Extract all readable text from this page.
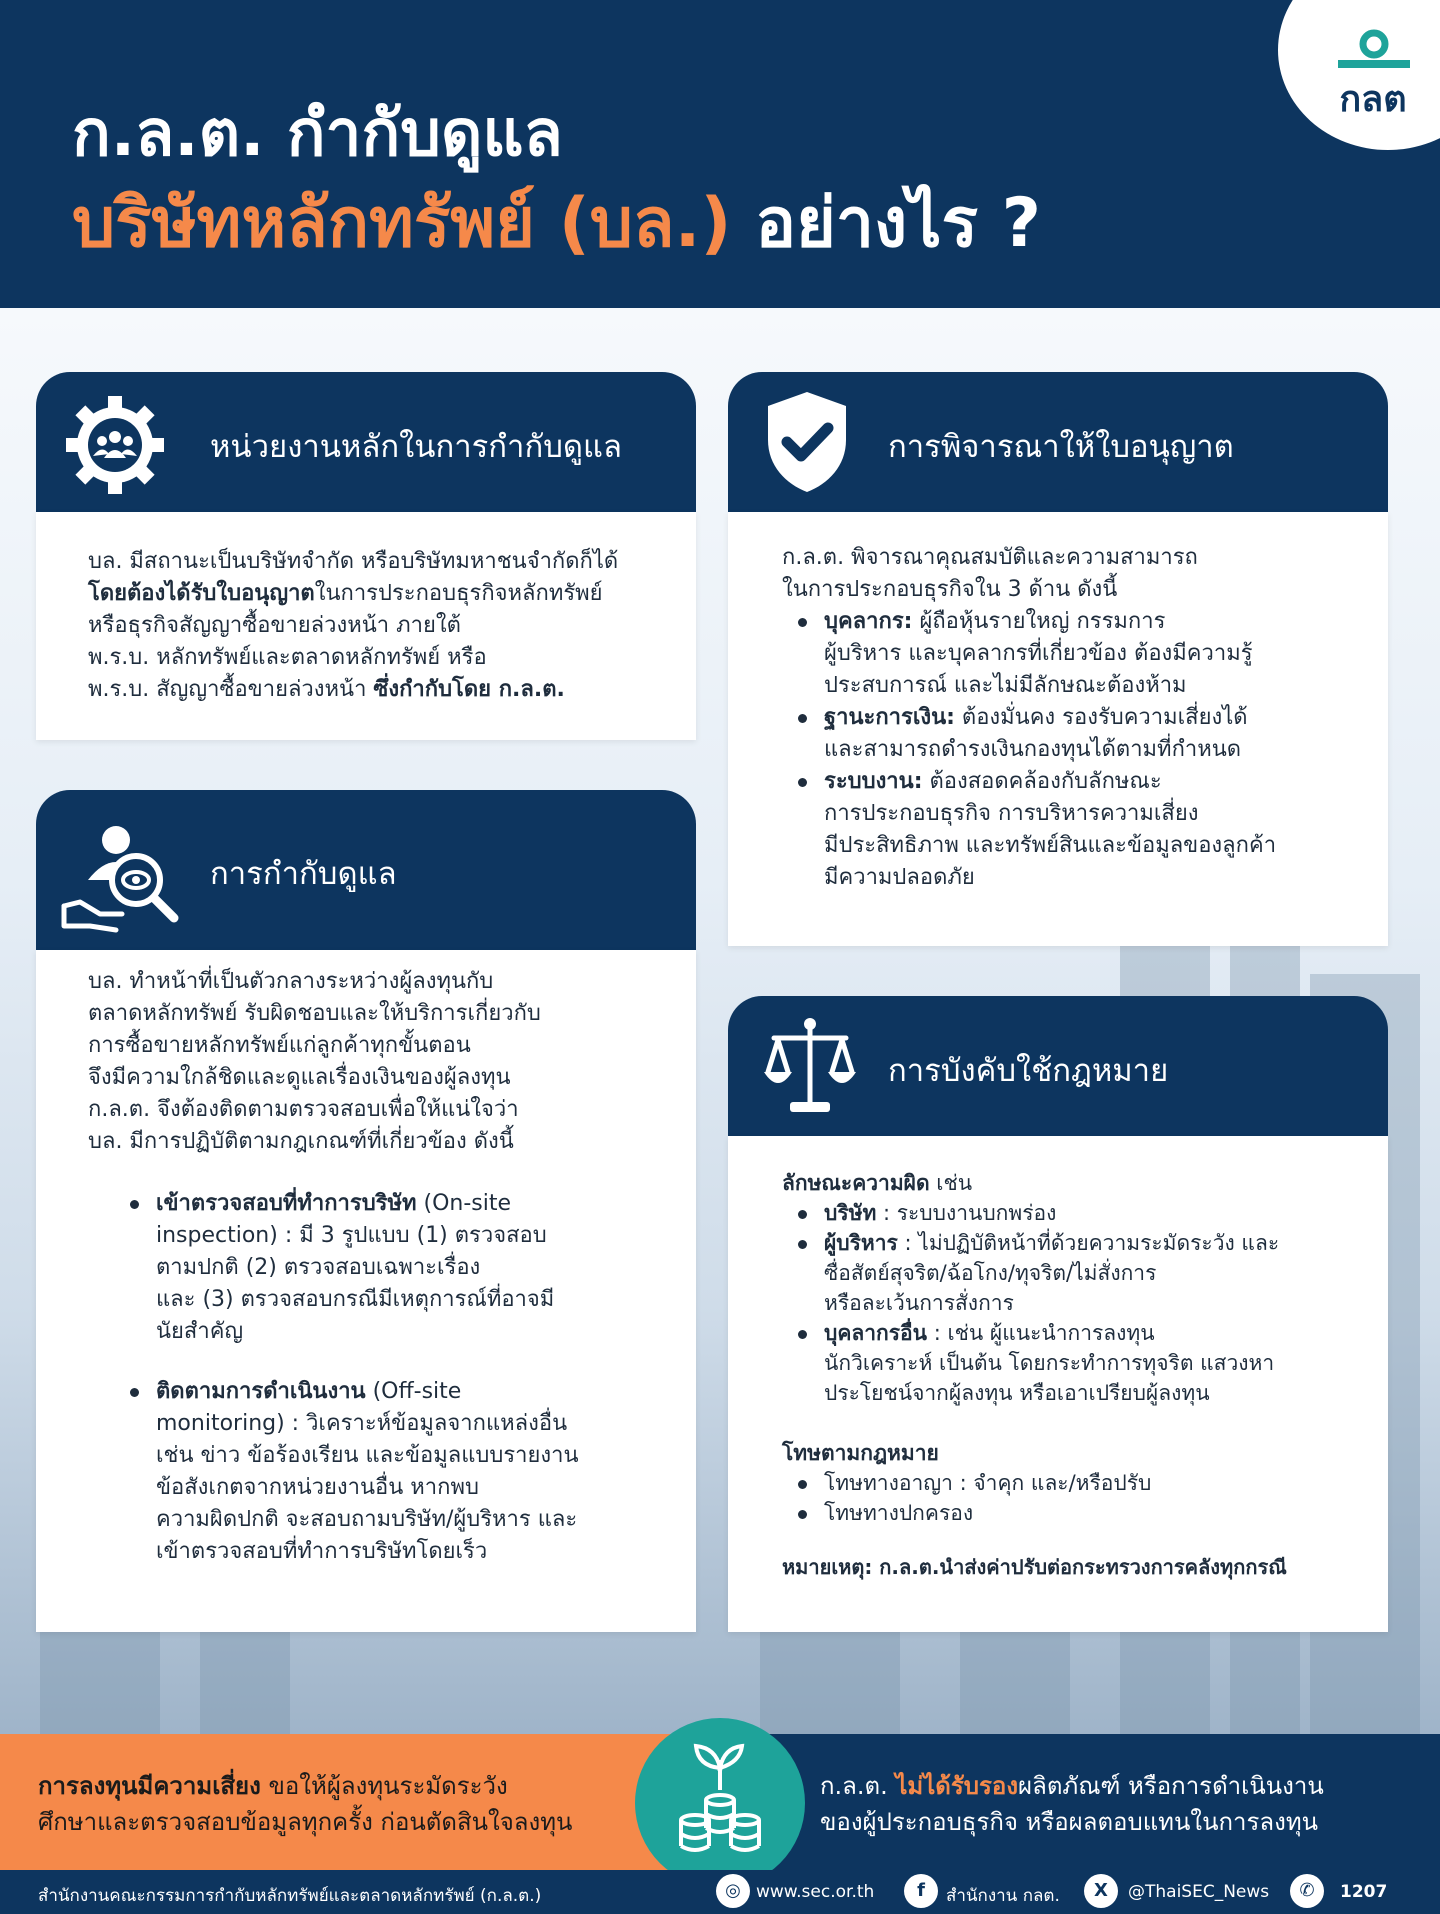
ก.ล.ต. กำกับดูแล
บริษัทหลักทรัพย์ (บล.) อย่างไร ?
กลต
หน่วยงานหลักในการกำกับดูแล

บล. มีสถานะเป็นบริษัทจำกัด หรือบริษัทมหาชนจำกัดก็ได้

โดยต้องได้รับใบอนุญาตในการประกอบธุรกิจหลักทรัพย์

หรือธุรกิจสัญญาซื้อขายล่วงหน้า ภายใต้

พ.ร.บ. หลักทรัพย์และตลาดหลักทรัพย์ หรือ

พ.ร.บ. สัญญาซื้อขายล่วงหน้า ซึ่งกำกับโดย ก.ล.ต.

การพิจารณาให้ใบอนุญาต

ก.ล.ต. พิจารณาคุณสมบัติและความสามารถ

ในการประกอบธุรกิจใน 3 ด้าน ดังนี้

บุคลากร: ผู้ถือหุ้นรายใหญ่ กรรมการ
ผู้บริหาร และบุคลากรที่เกี่ยวข้อง ต้องมีความรู้
ประสบการณ์ และไม่มีลักษณะต้องห้าม
ฐานะการเงิน: ต้องมั่นคง รองรับความเสี่ยงได้
และสามารถดำรงเงินกองทุนได้ตามที่กำหนด
ระบบงาน: ต้องสอดคล้องกับลักษณะ
การประกอบธุรกิจ การบริหารความเสี่ยง
มีประสิทธิภาพ และทรัพย์สินและข้อมูลของลูกค้า
มีความปลอดภัย
การกำกับดูแล

บล. ทำหน้าที่เป็นตัวกลางระหว่างผู้ลงทุนกับ

ตลาดหลักทรัพย์ รับผิดชอบและให้บริการเกี่ยวกับ

การซื้อขายหลักทรัพย์แก่ลูกค้าทุกขั้นตอน

จึงมีความใกล้ชิดและดูแลเรื่องเงินของผู้ลงทุน

ก.ล.ต. จึงต้องติดตามตรวจสอบเพื่อให้แน่ใจว่า

บล. มีการปฏิบัติตามกฎเกณฑ์ที่เกี่ยวข้อง ดังนี้

เข้าตรวจสอบที่ทำการบริษัท (On-site
inspection) : มี 3 รูปแบบ (1) ตรวจสอบ
ตามปกติ (2) ตรวจสอบเฉพาะเรื่อง
และ (3) ตรวจสอบกรณีมีเหตุการณ์ที่อาจมี
นัยสำคัญ
ติดตามการดำเนินงาน (Off-site
monitoring) : วิเคราะห์ข้อมูลจากแหล่งอื่น
เช่น ข่าว ข้อร้องเรียน และข้อมูลแบบรายงาน
ข้อสังเกตจากหน่วยงานอื่น หากพบ
ความผิดปกติ จะสอบถามบริษัท/ผู้บริหาร และ
เข้าตรวจสอบที่ทำการบริษัทโดยเร็ว
การบังคับใช้กฎหมาย

ลักษณะความผิด เช่น

บริษัท : ระบบงานบกพร่อง
ผู้บริหาร : ไม่ปฏิบัติหน้าที่ด้วยความระมัดระวัง และ
ซื่อสัตย์สุจริต/ฉ้อโกง/ทุจริต/ไม่สั่งการ
หรือละเว้นการสั่งการ
บุคลากรอื่น : เช่น ผู้แนะนำการลงทุน
นักวิเคราะห์ เป็นต้น โดยกระทำการทุจริต แสวงหา
ประโยชน์จากผู้ลงทุน หรือเอาเปรียบผู้ลงทุน

โทษตามกฎหมาย

โทษทางอาญา : จำคุก และ/หรือปรับ
โทษทางปกครอง

หมายเหตุ: ก.ล.ต.นำส่งค่าปรับต่อกระทรวงการคลังทุกกรณี

การลงทุนมีความเสี่ยง ขอให้ผู้ลงทุนระมัดระวัง
ศึกษาและตรวจสอบข้อมูลทุกครั้ง ก่อนตัดสินใจลงทุน
ก.ล.ต. ไม่ได้รับรองผลิตภัณฑ์ หรือการดำเนินงาน
ของผู้ประกอบธุรกิจ หรือผลตอบแทนในการลงทุน
สำนักงานคณะกรรมการกำกับหลักทรัพย์และตลาดหลักทรัพย์ (ก.ล.ต.)	◎ www.sec.or.th	f	สำนักงาน กลต.	X	@ThaiSEC_News	✆	1207
